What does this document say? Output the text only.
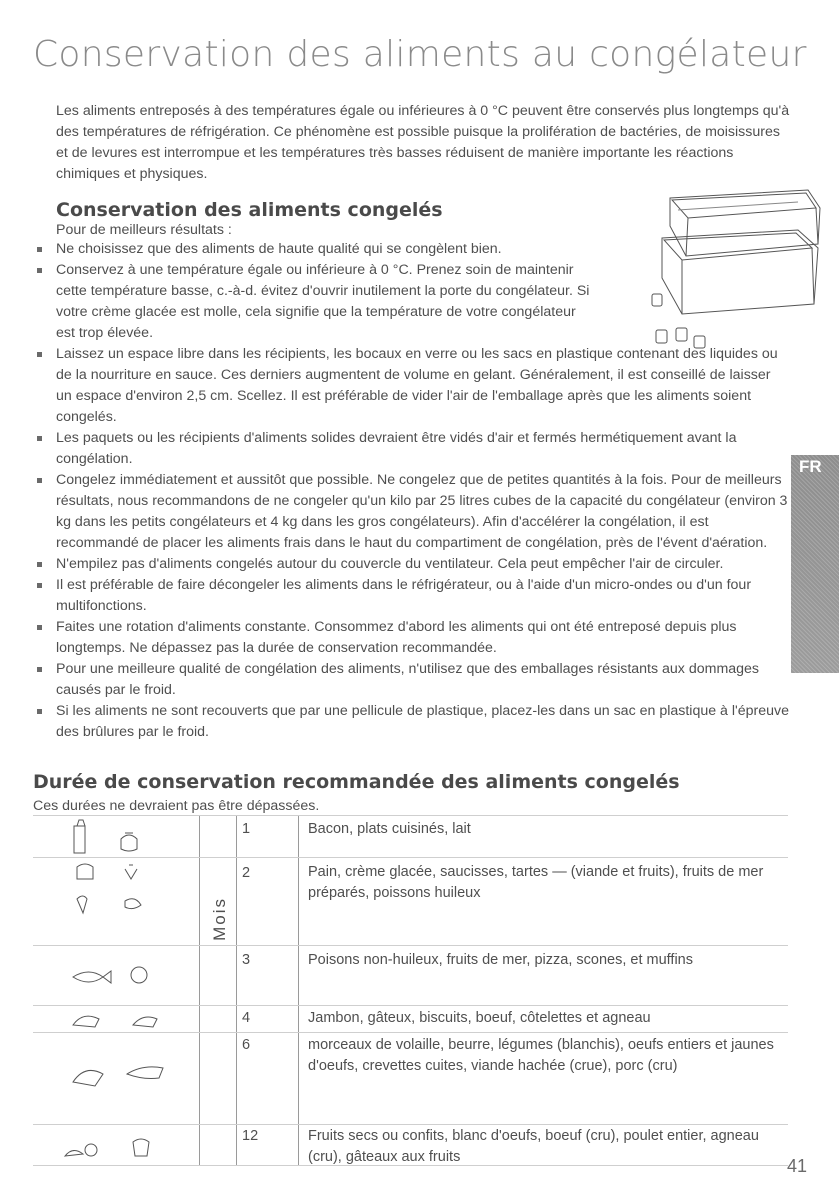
Conservation des aliments au congélateur

Les aliments entreposés à des températures égale ou inférieures à 0 °C peuvent être conservés plus longtemps qu'à des températures de réfrigération. Ce phénomène est possible puisque la prolifération de bactéries, de moisissures et de levures est interrompue et les températures très basses réduisent de manière importante les réactions chimiques et physiques.

Conservation des aliments congelés

Pour de meilleurs résultats :

Ne choisissez que des aliments de haute qualité qui se congèlent bien.
Conservez à une température égale ou inférieure à 0 °C. Prenez soin de maintenir cette température basse, c.-à-d. évitez d'ouvrir inutilement la porte du congélateur. Si votre crème glacée est molle, cela signifie que la température de votre congélateur est trop élevée.
Laissez un espace libre dans les récipients, les bocaux en verre ou les sacs en plastique contenant des liquides ou de la nourriture en sauce. Ces derniers augmentent de volume en gelant. Généralement, il est conseillé de laisser un espace d'environ 2,5 cm. Scellez. Il est préférable de vider l'air de l'emballage après que les aliments soient congelés.
Les paquets ou les récipients d'aliments solides devraient être vidés d'air et fermés hermétiquement avant la congélation.
Congelez immédiatement et aussitôt que possible. Ne congelez que de petites quantités à la fois. Pour de meilleurs résultats, nous recommandons de ne congeler qu'un kilo par 25 litres cubes de la capacité du congélateur (environ 3 kg dans les petits congélateurs et 4 kg dans les gros congélateurs). Afin d'accélérer la congélation, il est recommandé de placer les aliments frais dans le haut du compartiment de congélation, près de l'évent d'aération.
N'empilez pas d'aliments congelés autour du couvercle du ventilateur. Cela peut empêcher l'air de circuler.
Il est préférable de faire décongeler les aliments dans le réfrigérateur, ou à l'aide d'un micro-ondes ou d'un four multifonctions.
Faites une rotation d'aliments constante. Consommez d'abord les aliments qui ont été entreposé depuis plus longtemps. Ne dépassez pas la durée de conservation recommandée.
Pour une meilleure qualité de congélation des aliments, n'utilisez que des emballages résistants aux dommages causés par le froid.
Si les aliments ne sont recouverts que par une pellicule de plastique, placez-les dans un sac en plastique à l'épreuve des brûlures par le froid.
FR
Durée de conservation recommandée des aliments congelés

Ces durées ne devraient pas être dépassées.

Mois
1	Bacon, plats cuisinés, lait
2	Pain, crème glacée, saucisses, tartes — (viande et fruits), fruits de mer préparés, poissons huileux
3	Poisons non-huileux, fruits de mer, pizza, scones, et muffins
4	Jambon, gâteux, biscuits, boeuf, côtelettes et agneau
6	morceaux de volaille, beurre, légumes (blanchis), oeufs entiers et jaunes d'oeufs, crevettes cuites, viande hachée (crue), porc (cru)
12	Fruits secs ou confits, blanc d'oeufs, boeuf (cru), poulet entier, agneau (cru), gâteaux aux fruits	41
